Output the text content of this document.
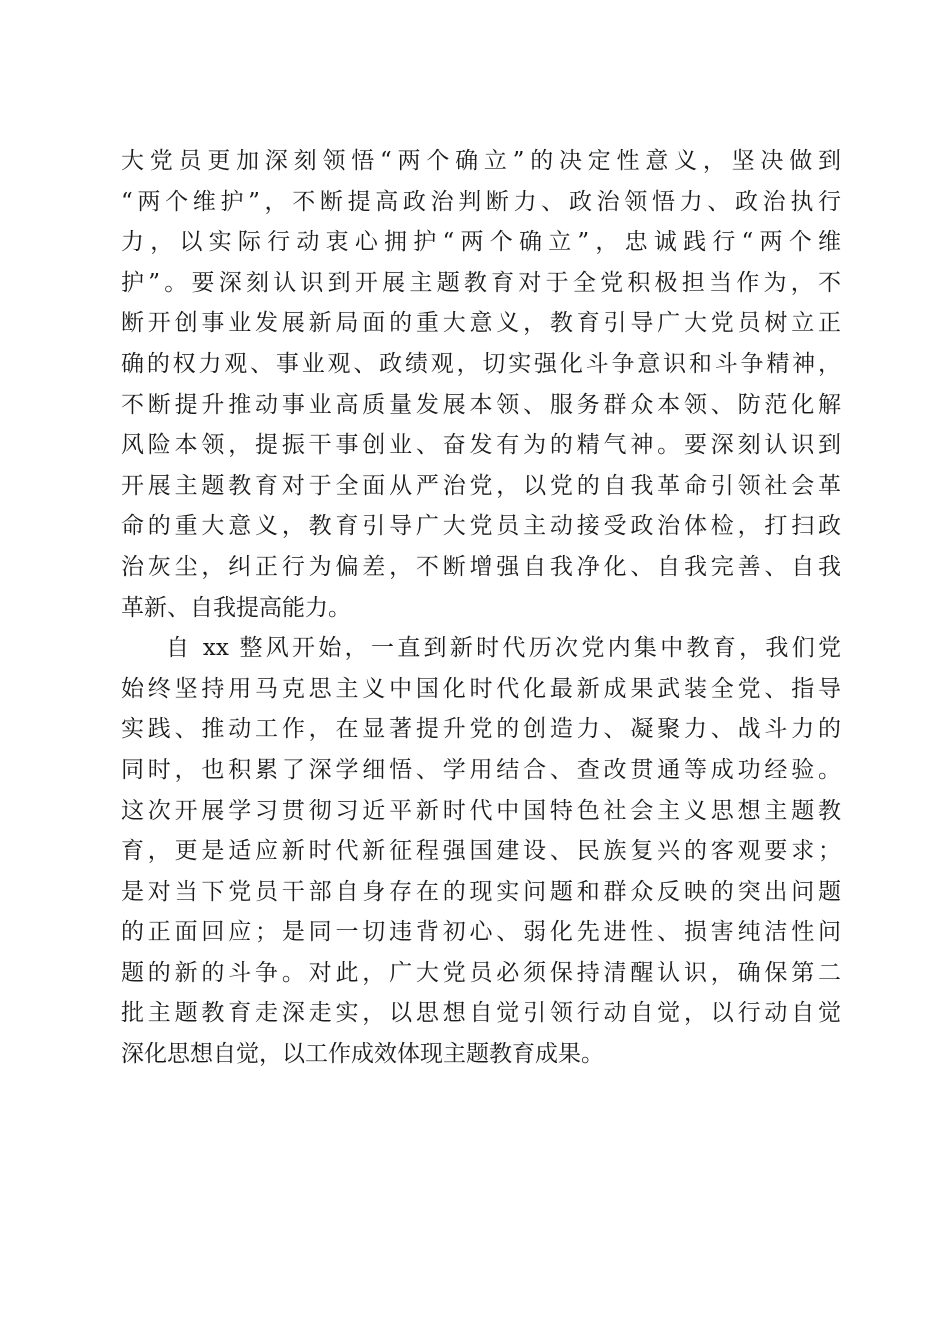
大党员更加深刻领悟“两个确立”的决定性意义，坚决做到
“两个维护”，不断提高政治判断力、政治领悟力、政治执行
力，以实际行动衷心拥护“两个确立”，忠诚践行“两个维
护”。要深刻认识到开展主题教育对于全党积极担当作为，不
断开创事业发展新局面的重大意义，教育引导广大党员树立正
确的权力观、事业观、政绩观，切实强化斗争意识和斗争精神，
不断提升推动事业高质量发展本领、服务群众本领、防范化解
风险本领，提振干事创业、奋发有为的精气神。要深刻认识到
开展主题教育对于全面从严治党，以党的自我革命引领社会革
命的重大意义，教育引导广大党员主动接受政治体检，打扫政
治灰尘，纠正行为偏差，不断增强自我净化、自我完善、自我
革新、自我提高能力。
自 xx 整风开始，一直到新时代历次党内集中教育，我们党
始终坚持用马克思主义中国化时代化最新成果武装全党、指导
实践、推动工作，在显著提升党的创造力、凝聚力、战斗力的
同时，也积累了深学细悟、学用结合、查改贯通等成功经验。
这次开展学习贯彻习近平新时代中国特色社会主义思想主题教
育，更是适应新时代新征程强国建设、民族复兴的客观要求；
是对当下党员干部自身存在的现实问题和群众反映的突出问题
的正面回应；是同一切违背初心、弱化先进性、损害纯洁性问
题的新的斗争。对此，广大党员必须保持清醒认识，确保第二
批主题教育走深走实，以思想自觉引领行动自觉，以行动自觉
深化思想自觉，以工作成效体现主题教育成果。
